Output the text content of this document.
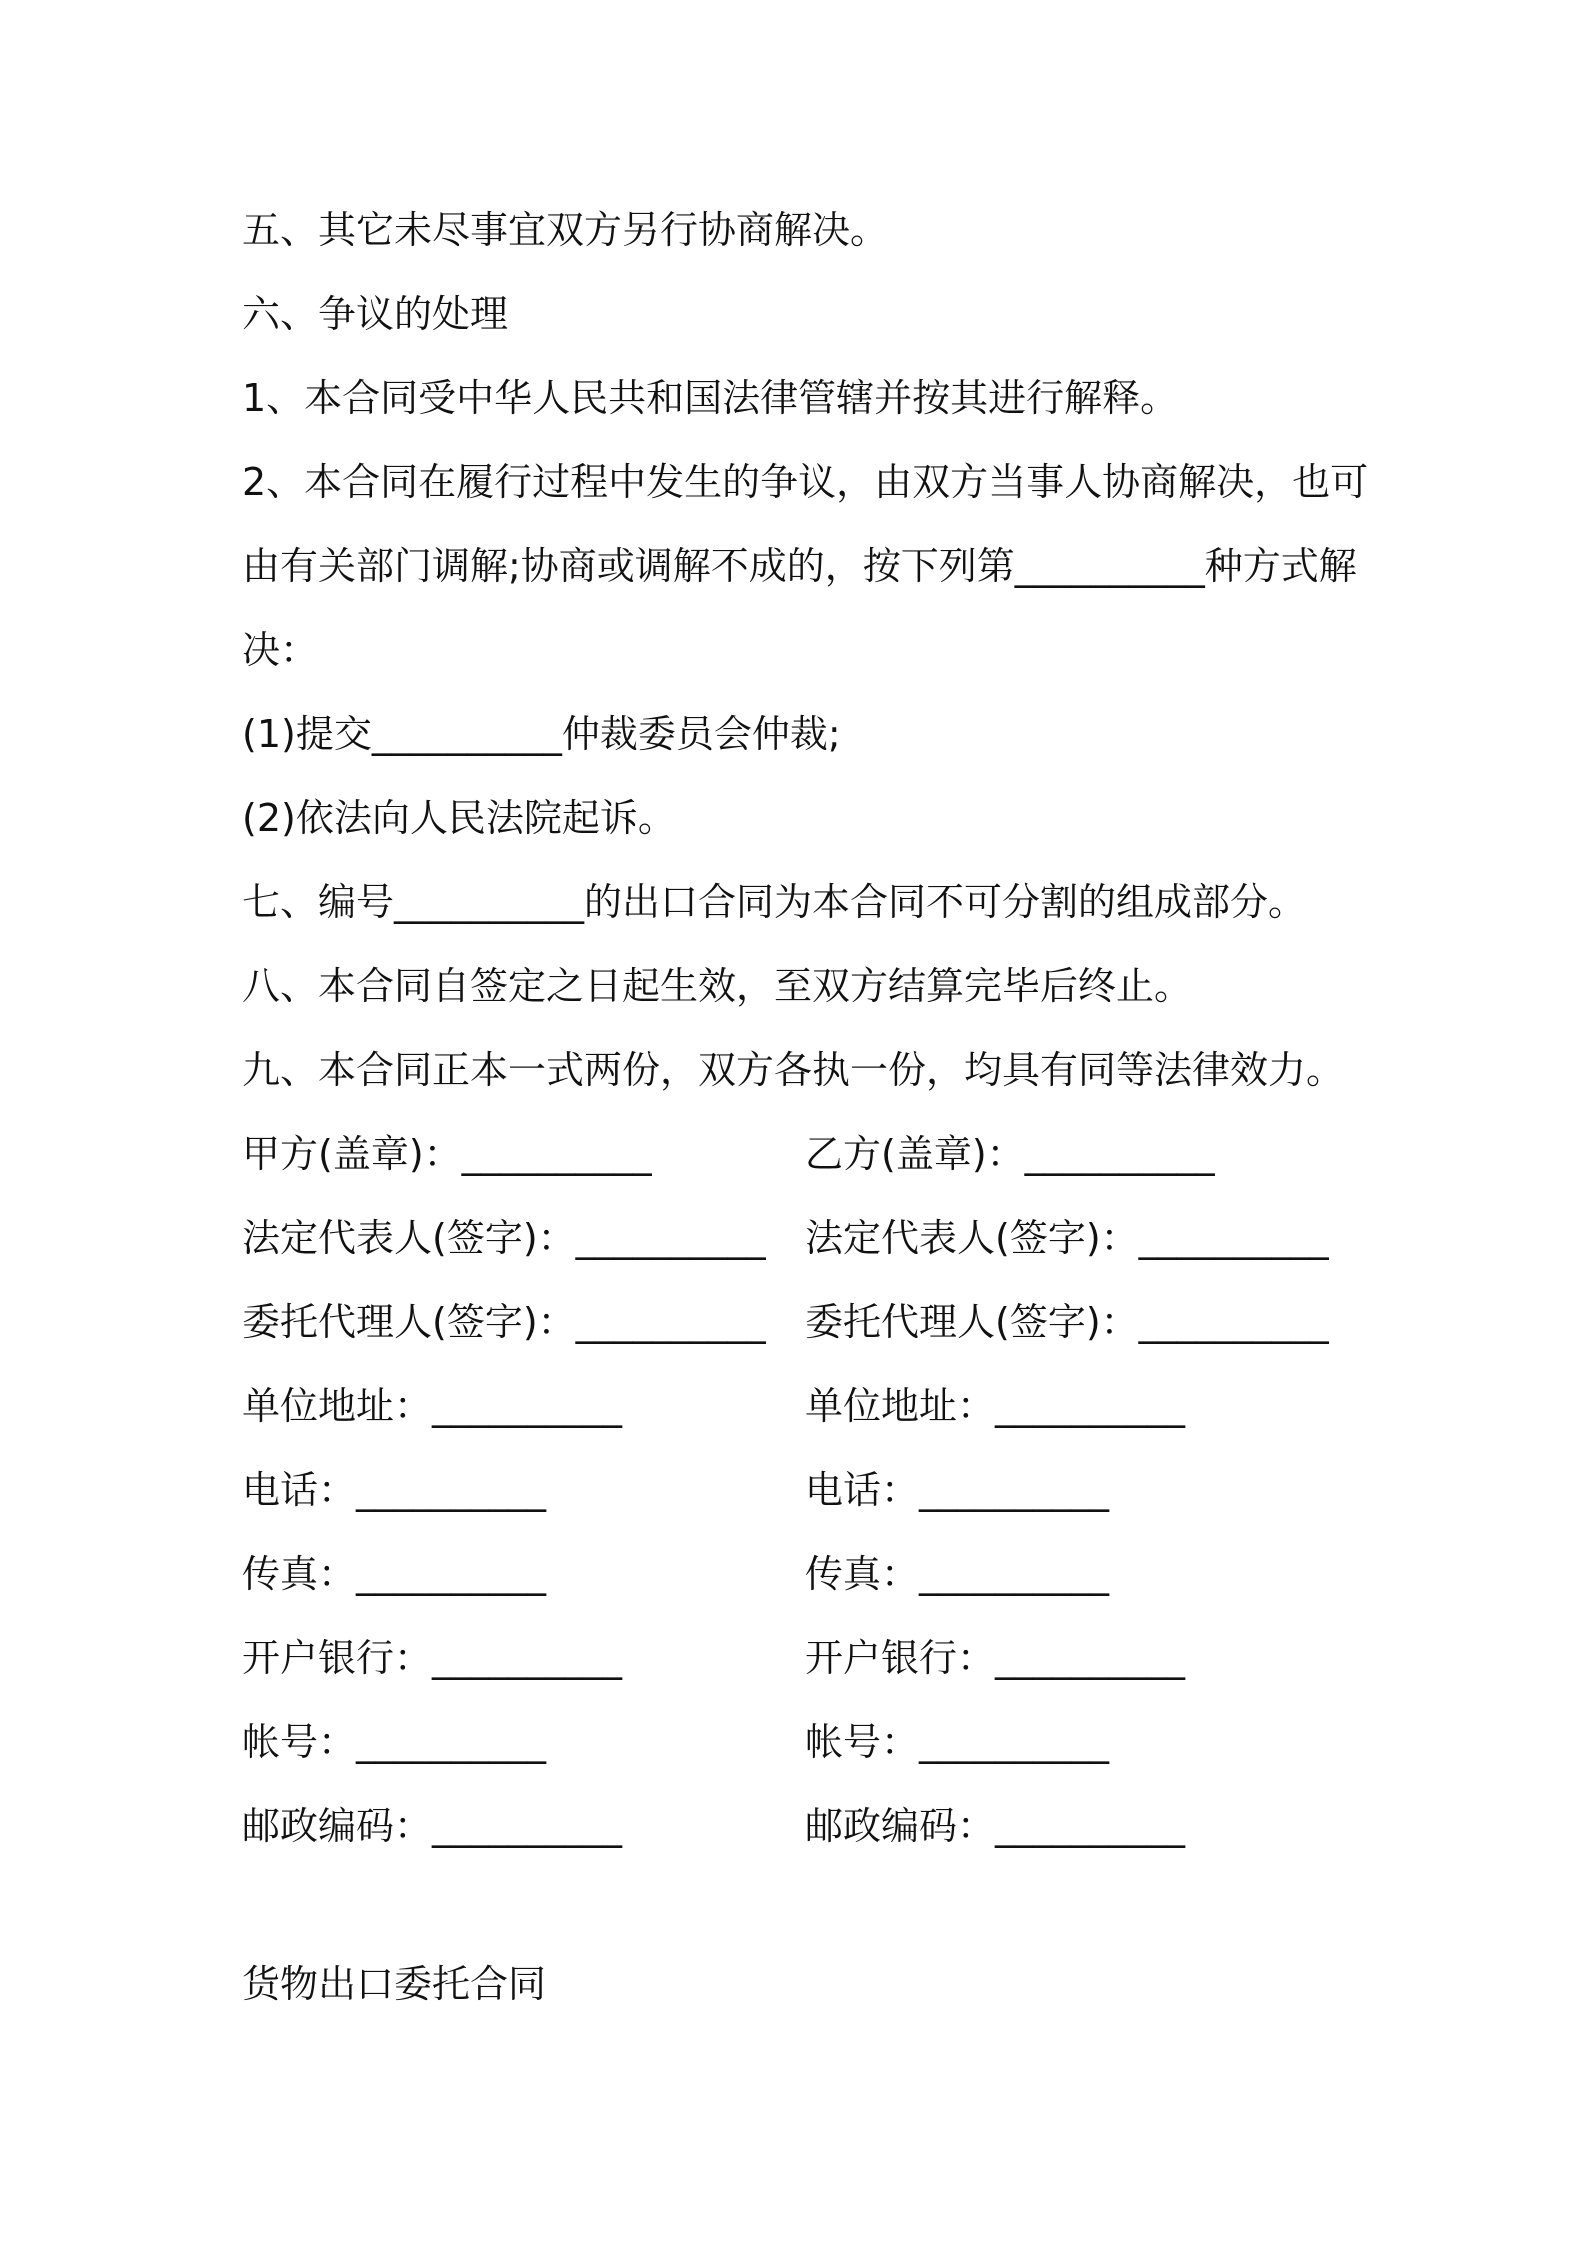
五、其它未尽事宜双方另行协商解决。
六、争议的处理
1、本合同受中华人民共和国法律管辖并按其进行解释。
2、本合同在履行过程中发生的争议，由双方当事人协商解决，也可
由有关部门调解;协商或调解不成的，按下列第__________种方式解
决：
(1)提交__________仲裁委员会仲裁;
(2)依法向人民法院起诉。
七、编号__________的出口合同为本合同不可分割的组成部分。
八、本合同自签定之日起生效，至双方结算完毕后终止。
九、本合同正本一式两份，双方各执一份，均具有同等法律效力。
甲方(盖章)：__________	乙方(盖章)：__________
法定代表人(签字)：__________ 法定代表人(签字)：__________
委托代理人(签字)：__________ 委托代理人(签字)：__________
单位地址：__________	单位地址：__________
电话：__________	电话：__________
传真：__________	传真：__________
开户银行：__________	开户银行：__________
帐号：__________	帐号：__________
邮政编码：__________	邮政编码：__________
货物出口委托合同
